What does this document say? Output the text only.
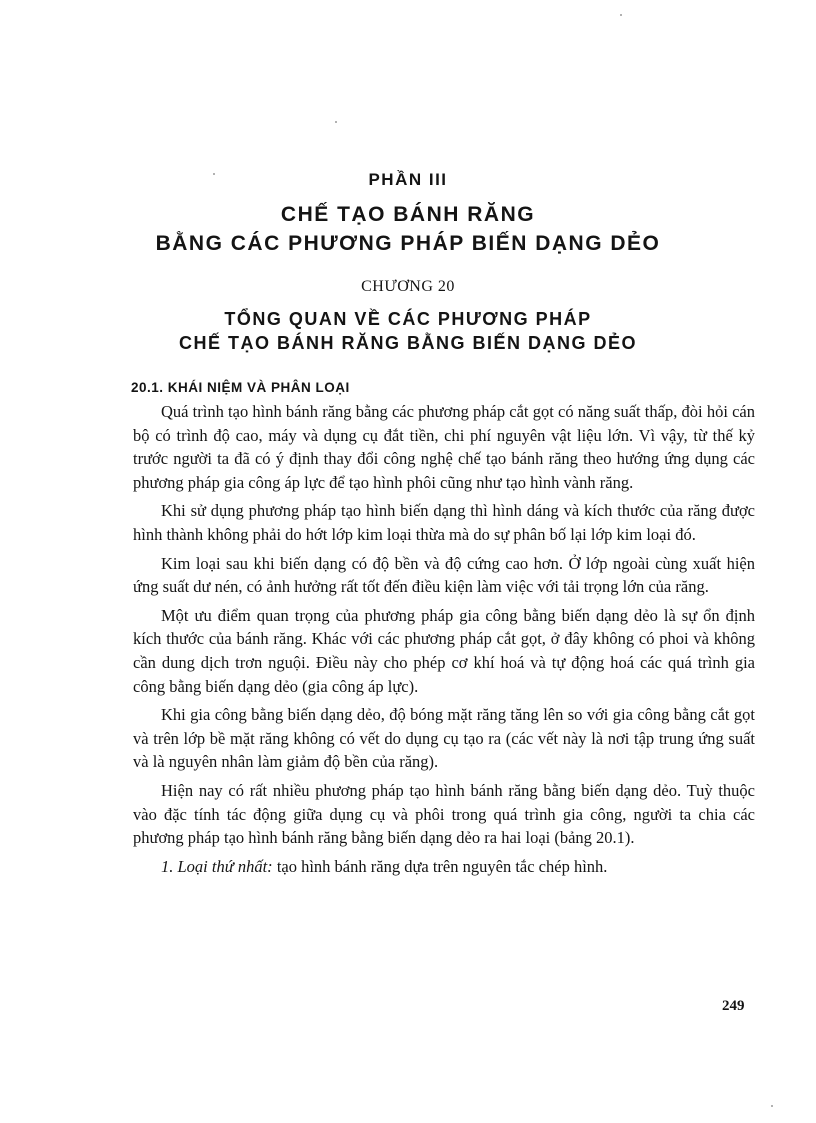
PHẦN III
CHẾ TẠO BÁNH RĂNG
BẰNG CÁC PHƯƠNG PHÁP BIẾN DẠNG DẺO
CHƯƠNG 20
TỔNG QUAN VỀ CÁC PHƯƠNG PHÁP
CHẾ TẠO BÁNH RĂNG BẰNG BIẾN DẠNG DẺO
20.1. KHÁI NIỆM VÀ PHÂN LOẠI

Quá trình tạo hình bánh răng bằng các phương pháp cắt gọt có năng suất thấp, đòi hỏi cán bộ có trình độ cao, máy và dụng cụ đắt tiền, chi phí nguyên vật liệu lớn. Vì vậy, từ thế kỷ trước người ta đã có ý định thay đổi công nghệ chế tạo bánh răng theo hướng ứng dụng các phương pháp gia công áp lực để tạo hình phôi cũng như tạo hình vành răng.

Khi sử dụng phương pháp tạo hình biến dạng thì hình dáng và kích thước của răng được hình thành không phải do hớt lớp kim loại thừa mà do sự phân bố lại lớp kim loại đó.

Kim loại sau khi biến dạng có độ bền và độ cứng cao hơn. Ở lớp ngoài cùng xuất hiện ứng suất dư nén, có ảnh hưởng rất tốt đến điều kiện làm việc với tải trọng lớn của răng.

Một ưu điểm quan trọng của phương pháp gia công bằng biến dạng dẻo là sự ổn định kích thước của bánh răng. Khác với các phương pháp cắt gọt, ở đây không có phoi và không cần dung dịch trơn nguội. Điều này cho phép cơ khí hoá và tự động hoá các quá trình gia công bằng biến dạng dẻo (gia công áp lực).

Khi gia công bằng biến dạng dẻo, độ bóng mặt răng tăng lên so với gia công bằng cắt gọt và trên lớp bề mặt răng không có vết do dụng cụ tạo ra (các vết này là nơi tập trung ứng suất và là nguyên nhân làm giảm độ bền của răng).

Hiện nay có rất nhiều phương pháp tạo hình bánh răng bằng biến dạng dẻo. Tuỳ thuộc vào đặc tính tác động giữa dụng cụ và phôi trong quá trình gia công, người ta chia các phương pháp tạo hình bánh răng bằng biến dạng dẻo ra hai loại (bảng 20.1).

1. Loại thứ nhất: tạo hình bánh răng dựa trên nguyên tắc chép hình.

249
